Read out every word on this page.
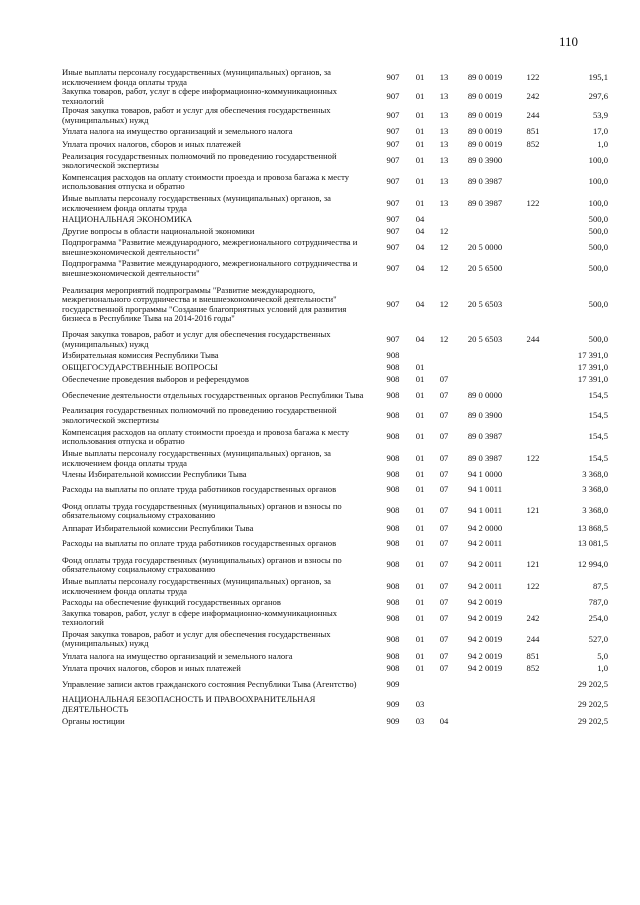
110
Иные выплаты персоналу государственных (муниципальных) органов, за исключением фонда оплаты труда	907	01	13	89 0 0019	122	195,1
Закупка товаров, работ, услуг в сфере информационно-коммуникационных технологий	907	01	13	89 0 0019	242	297,6
Прочая закупка товаров, работ и услуг для обеспечения государственных (муниципальных) нужд	907	01	13	89 0 0019	244	53,9
Уплата налога на имущество организаций и земельного налога	907	01	13	89 0 0019	851	17,0
Уплата прочих налогов, сборов и иных платежей	907	01	13	89 0 0019	852	1,0
Реализация государственных полномочий по проведению государственной экологической экспертизы	907	01	13	89 0 3900		100,0
Компенсация расходов на оплату стоимости проезда и провоза багажа к месту использования отпуска и обратно	907	01	13	89 0 3987		100,0
Иные выплаты персоналу государственных (муниципальных) органов, за исключением фонда оплаты труда	907	01	13	89 0 3987	122	100,0
НАЦИОНАЛЬНАЯ ЭКОНОМИКА	907	04				500,0
Другие вопросы в области национальной экономики	907	04	12			500,0
Подпрограмма "Развитие международного, межрегионального сотрудничества и внешнеэкономической деятельности"	907	04	12	20 5 0000		500,0
Подпрограмма "Развитие международного, межрегионального сотрудничества и внешнеэкономической деятельности"	907	04	12	20 5 6500		500,0
Реализация мероприятий подпрограммы "Развитие международного, межрегионального сотрудничества и внешнеэкономической деятельности" государственной программы "Создание благоприятных условий для развития бизнеса в Республике Тыва на 2014-2016 годы"	907	04	12	20 5 6503		500,0
Прочая закупка товаров, работ и услуг для обеспечения государственных (муниципальных) нужд	907	04	12	20 5 6503	244	500,0
Избирательная комиссия Республики Тыва	908					17 391,0
ОБЩЕГОСУДАРСТВЕННЫЕ ВОПРОСЫ	908	01				17 391,0
Обеспечение проведения выборов и референдумов	908	01	07			17 391,0
Обеспечение деятельности отдельных государственных органов Республики Тыва	908	01	07	89 0 0000		154,5
Реализация государственных полномочий по проведению государственной экологической экспертизы	908	01	07	89 0 3900		154,5
Компенсация расходов на оплату стоимости проезда и провоза багажа к месту использования отпуска и обратно	908	01	07	89 0 3987		154,5
Иные выплаты персоналу государственных (муниципальных) органов, за исключением фонда оплаты труда	908	01	07	89 0 3987	122	154,5
Члены Избирательной комиссии Республики Тыва	908	01	07	94 1 0000		3 368,0
Расходы на выплаты по оплате труда работников государственных органов	908	01	07	94 1 0011		3 368,0
Фонд оплаты труда государственных (муниципальных) органов и взносы по обязательному социальному страхованию	908	01	07	94 1 0011	121	3 368,0
Аппарат Избирательной комиссии Республики Тыва	908	01	07	94 2 0000		13 868,5
Расходы на выплаты по оплате труда работников государственных органов	908	01	07	94 2 0011		13 081,5
Фонд оплаты труда государственных (муниципальных) органов и взносы по обязательному социальному страхованию	908	01	07	94 2 0011	121	12 994,0
Иные выплаты персоналу государственных (муниципальных) органов, за исключением фонда оплаты труда	908	01	07	94 2 0011	122	87,5
Расходы на обеспечение функций государственных органов	908	01	07	94 2 0019		787,0
Закупка товаров, работ, услуг в сфере информационно-коммуникационных технологий	908	01	07	94 2 0019	242	254,0
Прочая закупка товаров, работ и услуг для обеспечения государственных (муниципальных) нужд	908	01	07	94 2 0019	244	527,0
Уплата налога на имущество организаций и земельного налога	908	01	07	94 2 0019	851	5,0
Уплата прочих налогов, сборов и иных платежей	908	01	07	94 2 0019	852	1,0
Управление записи актов гражданского состояния Республики Тыва (Агентство)	909					29 202,5
НАЦИОНАЛЬНАЯ БЕЗОПАСНОСТЬ И ПРАВООХРАНИТЕЛЬНАЯ ДЕЯТЕЛЬНОСТЬ	909	03				29 202,5
Органы юстиции	909	03	04			29 202,5
